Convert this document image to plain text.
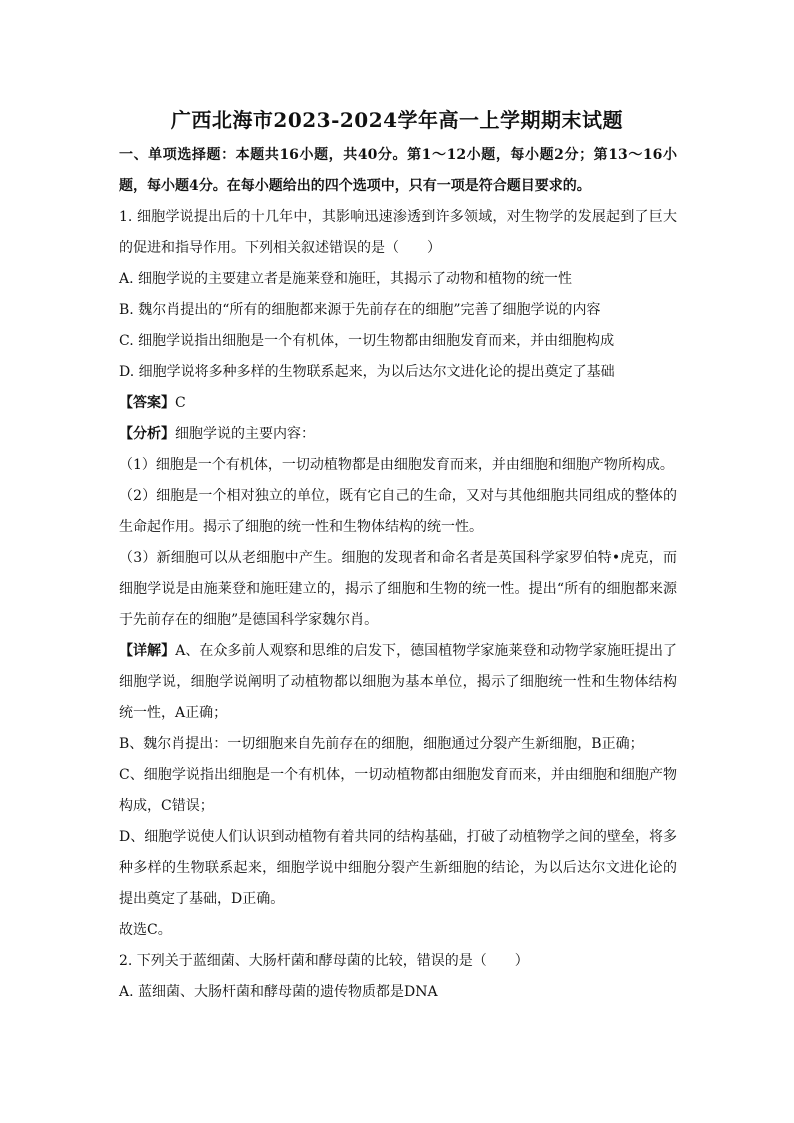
广西北海市2023-2024学年高一上学期期末试题

一、单项选择题：本题共16小题，共40分。第1～12小题，每小题2分；第13～16小题，每小题4分。在每小题给出的四个选项中，只有一项是符合题目要求的。

1. 细胞学说提出后的十几年中，其影响迅速渗透到许多领域，对生物学的发展起到了巨大的促进和指导作用。下列相关叙述错误的是（　　）

A. 细胞学说的主要建立者是施莱登和施旺，其揭示了动物和植物的统一性

B. 魏尔肖提出的“所有的细胞都来源于先前存在的细胞”完善了细胞学说的内容

C. 细胞学说指出细胞是一个有机体，一切生物都由细胞发育而来，并由细胞构成

D. 细胞学说将多种多样的生物联系起来，为以后达尔文进化论的提出奠定了基础

【答案】C

【分析】细胞学说的主要内容：

（1）细胞是一个有机体，一切动植物都是由细胞发育而来，并由细胞和细胞产物所构成。

（2）细胞是一个相对独立的单位，既有它自己的生命，又对与其他细胞共同组成的整体的生命起作用。揭示了细胞的统一性和生物体结构的统一性。

（3）新细胞可以从老细胞中产生。细胞的发现者和命名者是英国科学家罗伯特•虎克，而细胞学说是由施莱登和施旺建立的，揭示了细胞和生物的统一性。提出“所有的细胞都来源于先前存在的细胞”是德国科学家魏尔肖。

【详解】A、在众多前人观察和思维的启发下，德国植物学家施莱登和动物学家施旺提出了细胞学说，细胞学说阐明了动植物都以细胞为基本单位，揭示了细胞统一性和生物体结构统一性，A正确；

B、魏尔肖提出：一切细胞来自先前存在的细胞，细胞通过分裂产生新细胞，B正确；

C、细胞学说指出细胞是一个有机体，一切动植物都由细胞发育而来，并由细胞和细胞产物构成，C错误；

D、细胞学说使人们认识到动植物有着共同的结构基础，打破了动植物学之间的壁垒，将多种多样的生物联系起来，细胞学说中细胞分裂产生新细胞的结论，为以后达尔文进化论的提出奠定了基础，D正确。

故选C。

2. 下列关于蓝细菌、大肠杆菌和酵母菌的比较，错误的是（　　）

A. 蓝细菌、大肠杆菌和酵母菌的遗传物质都是DNA
